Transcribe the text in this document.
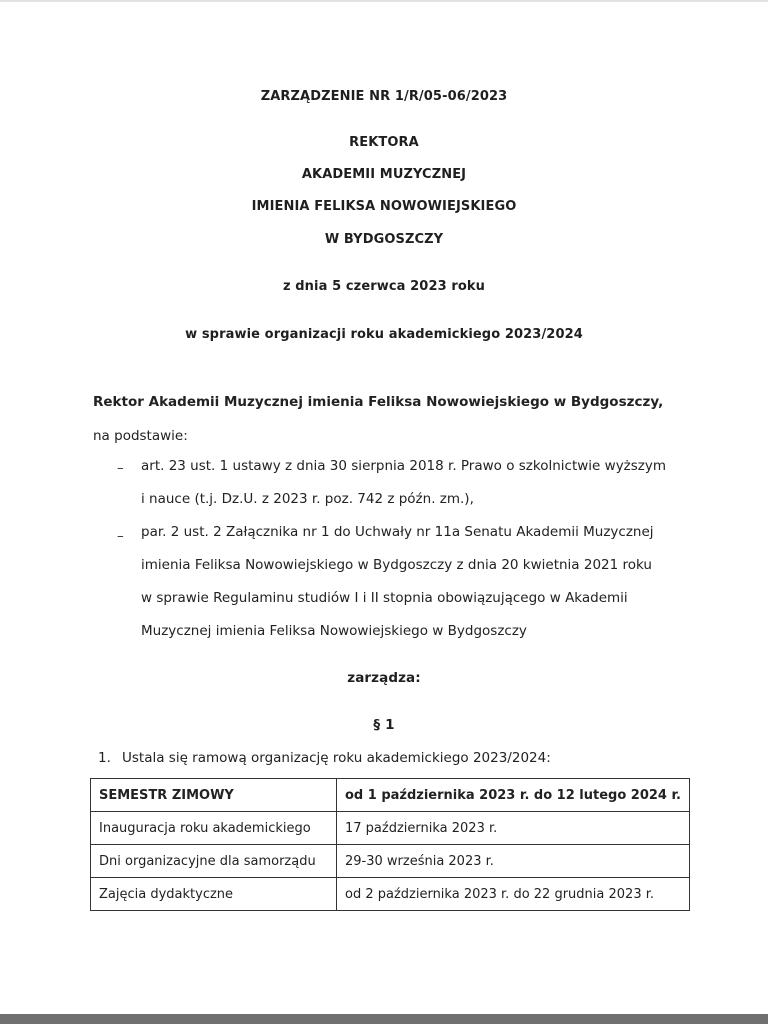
ZARZĄDZENIE NR 1/R/05-06/2023
REKTORA
AKADEMII MUZYCZNEJ
IMIENIA FELIKSA NOWOWIEJSKIEGO
W BYDGOSZCZY
z dnia 5 czerwca 2023 roku
w sprawie organizacji roku akademickiego 2023/2024
Rektor Akademii Muzycznej imienia Feliksa Nowowiejskiego w Bydgoszczy,
na podstawie:
– art. 23 ust. 1 ustawy z dnia 30 sierpnia 2018 r. Prawo o szkolnictwie wyższym
i nauce (t.j. Dz.U. z 2023 r. poz. 742 z późn. zm.),
– par. 2 ust. 2 Załącznika nr 1 do Uchwały nr 11a Senatu Akademii Muzycznej
imienia Feliksa Nowowiejskiego w Bydgoszczy z dnia 20 kwietnia 2021 roku
w sprawie Regulaminu studiów I i II stopnia obowiązującego w Akademii
Muzycznej imienia Feliksa Nowowiejskiego w Bydgoszczy
zarządza:
§ 1
1. Ustala się ramową organizację roku akademickiego 2023/2024:
SEMESTR ZIMOWY	od 1 października 2023 r. do 12 lutego 2024 r.
Inauguracja roku akademickiego	17 października 2023 r.
Dni organizacyjne dla samorządu	29-30 września 2023 r.
Zajęcia dydaktyczne	od 2 października 2023 r. do 22 grudnia 2023 r.
